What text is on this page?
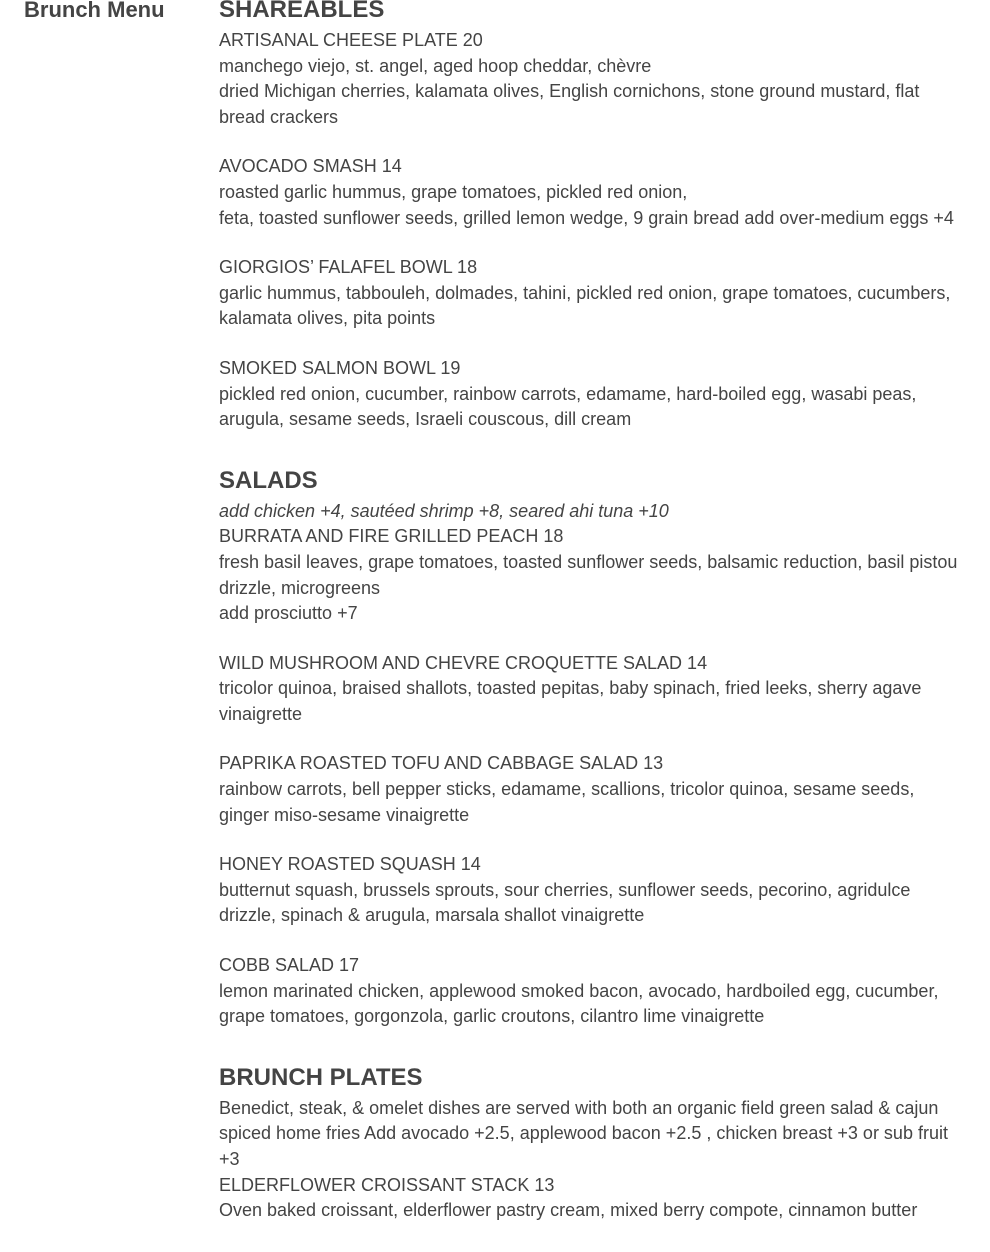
Brunch Menu SHAREABLES

ARTISANAL CHEESE PLATE 20

manchego viejo, st. angel, aged hoop cheddar, chèvre

dried Michigan cherries, kalamata olives, English cornichons, stone ground mustard, flat bread crackers

AVOCADO SMASH 14

roasted garlic hummus, grape tomatoes, pickled red onion,

feta, toasted sunflower seeds, grilled lemon wedge, 9 grain bread add over-medium eggs +4

GIORGIOS’ FALAFEL BOWL 18

garlic hummus, tabbouleh, dolmades, tahini, pickled red onion, grape tomatoes, cucumbers, kalamata olives, pita points

SMOKED SALMON BOWL 19

pickled red onion, cucumber, rainbow carrots, edamame, hard-boiled egg, wasabi peas, arugula, sesame seeds, Israeli couscous, dill cream

SALADS

add chicken +4, sautéed shrimp +8, seared ahi tuna +10

BURRATA AND FIRE GRILLED PEACH 18

fresh basil leaves, grape tomatoes, toasted sunflower seeds, balsamic reduction, basil pistou drizzle, microgreens

add prosciutto +7

WILD MUSHROOM AND CHEVRE CROQUETTE SALAD 14

tricolor quinoa, braised shallots, toasted pepitas, baby spinach, fried leeks, sherry agave vinaigrette

PAPRIKA ROASTED TOFU AND CABBAGE SALAD 13

rainbow carrots, bell pepper sticks, edamame, scallions, tricolor quinoa, sesame seeds, ginger miso-sesame vinaigrette

HONEY ROASTED SQUASH 14

butternut squash, brussels sprouts, sour cherries, sunflower seeds, pecorino, agridulce drizzle, spinach & arugula, marsala shallot vinaigrette

COBB SALAD 17

lemon marinated chicken, applewood smoked bacon, avocado, hardboiled egg, cucumber, grape tomatoes, gorgonzola, garlic croutons, cilantro lime vinaigrette

BRUNCH PLATES

Benedict, steak, & omelet dishes are served with both an organic field green salad & cajun spiced home fries Add avocado +2.5, applewood bacon +2.5 , chicken breast +3 or sub fruit +3

ELDERFLOWER CROISSANT STACK 13

Oven baked croissant, elderflower pastry cream, mixed berry compote, cinnamon butter
